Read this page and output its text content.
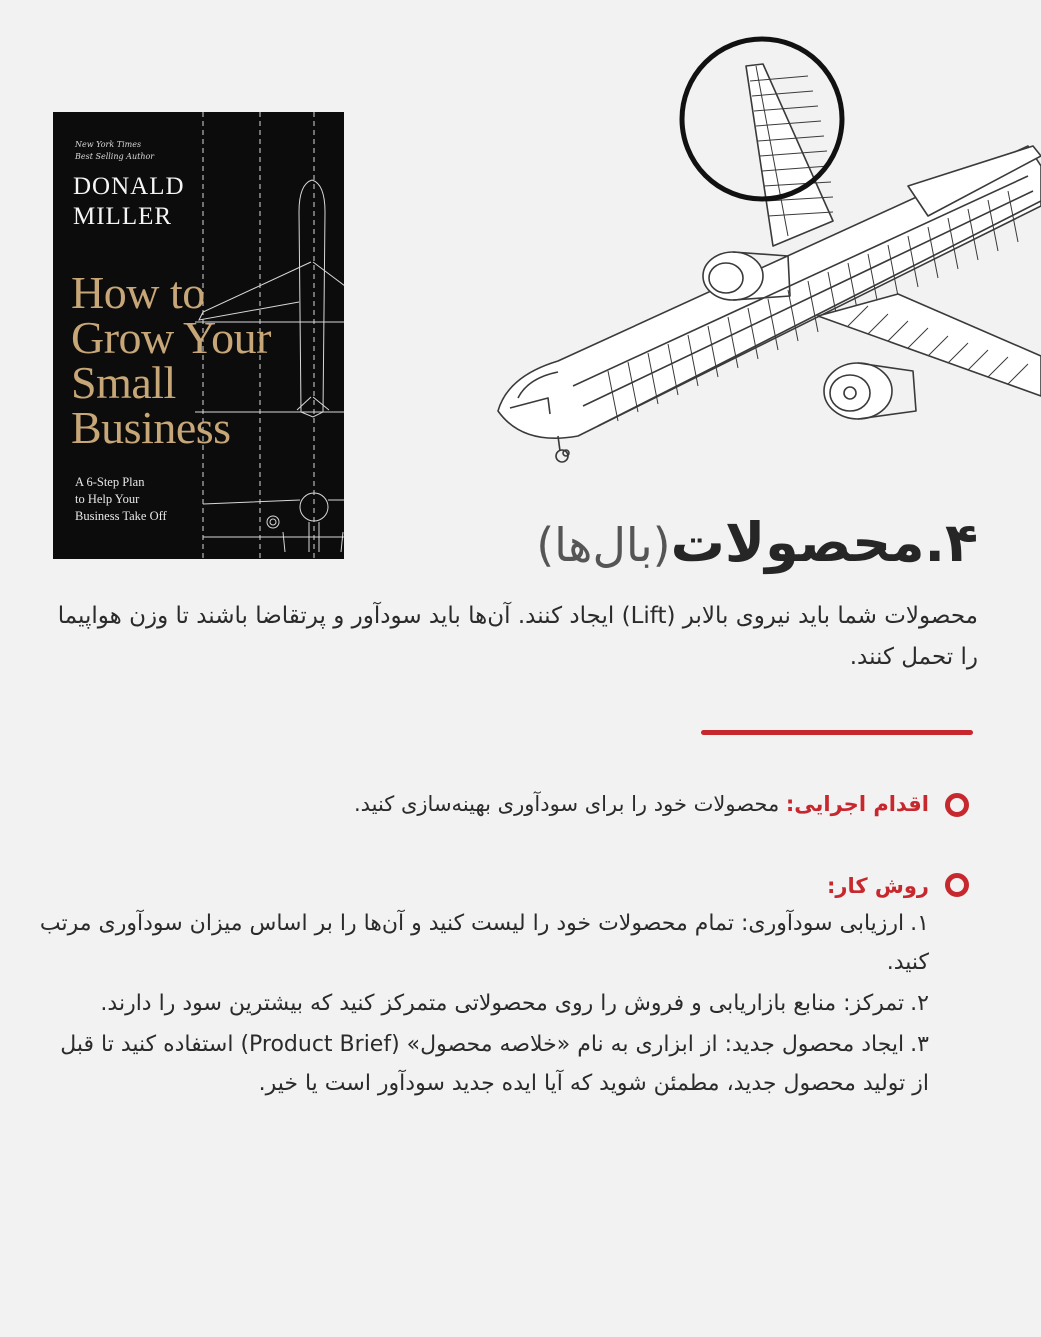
New York Times
Best Selling Author

DONALD
MILLER
How to
Grow Your
Small
Business
A 6-Step Plan
to Help Your
Business Take Off	۴.محصولات(بال‌ها)

محصولات شما باید نیروی بالابر (Lift) ایجاد کنند. آن‌ها باید سودآور و پرتقاضا باشند تا وزن هواپیما را تحمل کنند.

اقدام اجرایی: محصولات خود را برای سودآوری بهینه‌سازی کنید.

روش کار:

۱.ارزیابی سودآوری: تمام محصولات خود را لیست کنید و آن‌ها را بر اساس میزان سودآوری مرتب کنید.
۲.تمرکز: منابع بازاریابی و فروش را روی محصولاتی متمرکز کنید که بیشترین سود را دارند.
۳.ایجاد محصول جدید: از ابزاری به نام «خلاصه محصول» (Product Brief) استفاده کنید تا قبل از تولید محصول جدید، مطمئن شوید که آیا ایده جدید سودآور است یا خیر.
